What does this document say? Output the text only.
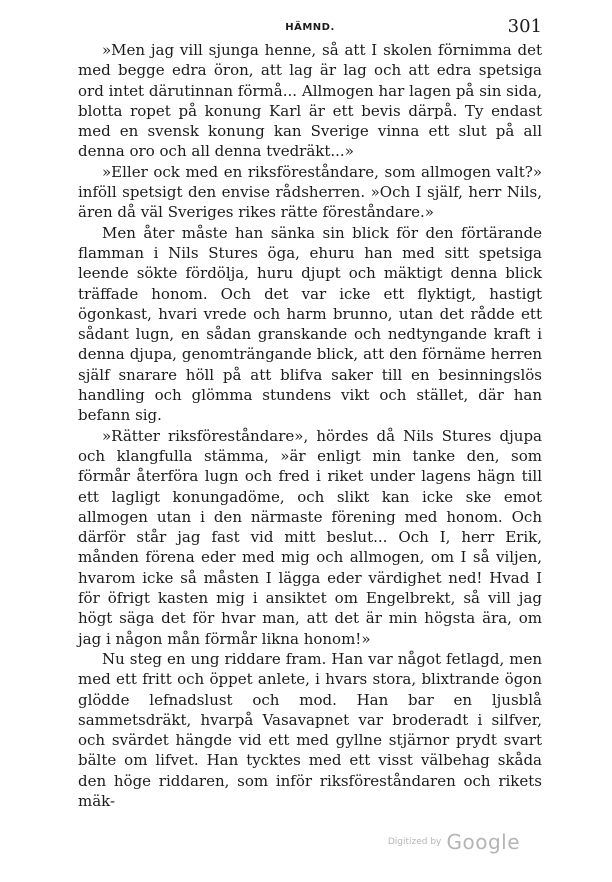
HÄMND.	301

»Men jag vill sjunga henne, så att I skolen förnimma det med begge edra öron, att lag är lag och att edra spetsiga ord intet därutinnan förmå... Allmogen har lagen på sin sida, blotta ropet på konung Karl är ett bevis därpå. Ty endast med en svensk konung kan Sverige vinna ett slut på all denna oro och all denna tvedräkt...»

»Eller ock med en riksföreståndare, som allmogen valt?» inföll spetsigt den envise rådsherren. »Och I själf, herr Nils, ären då väl Sveriges rikes rätte föreståndare.»

Men åter måste han sänka sin blick för den förtärande flamman i Nils Stures öga, ehuru han med sitt spetsiga leende sökte fördölja, huru djupt och mäktigt denna blick träffade honom. Och det var icke ett flyktigt, hastigt ögonkast, hvari vrede och harm brunno, utan det rådde ett sådant lugn, en sådan granskande och nedtyngande kraft i denna djupa, genomträngande blick, att den förnäme herren själf snarare höll på att blifva saker till en besinningslös handling och glömma stundens vikt och stället, där han befann sig.

»Rätter riksföreståndare», hördes då Nils Stures djupa och klangfulla stämma, »är enligt min tanke den, som förmår återföra lugn och fred i riket under lagens hägn till ett lagligt konungadöme, och slikt kan icke ske emot allmogen utan i den närmaste förening med honom. Och därför står jag fast vid mitt beslut... Och I, herr Erik, månden förena eder med mig och allmogen, om I så viljen, hvarom icke så måsten I lägga eder värdighet ned! Hvad I för öfrigt kasten mig i ansiktet om Engelbrekt, så vill jag högt säga det för hvar man, att det är min högsta ära, om jag i någon mån förmår likna honom!»

Nu steg en ung riddare fram. Han var något fetlagd, men med ett fritt och öppet anlete, i hvars stora, blixtrande ögon glödde lefnadslust och mod. Han bar en ljusblå sammetsdräkt, hvarpå Vasavapnet var broderadt i silfver, och svärdet hängde vid ett med gyllne stjärnor prydt svart bälte om lifvet. Han tycktes med ett visst välbehag skåda den höge riddaren, som inför riksföreståndaren och rikets mäk-

Digitized by Google
